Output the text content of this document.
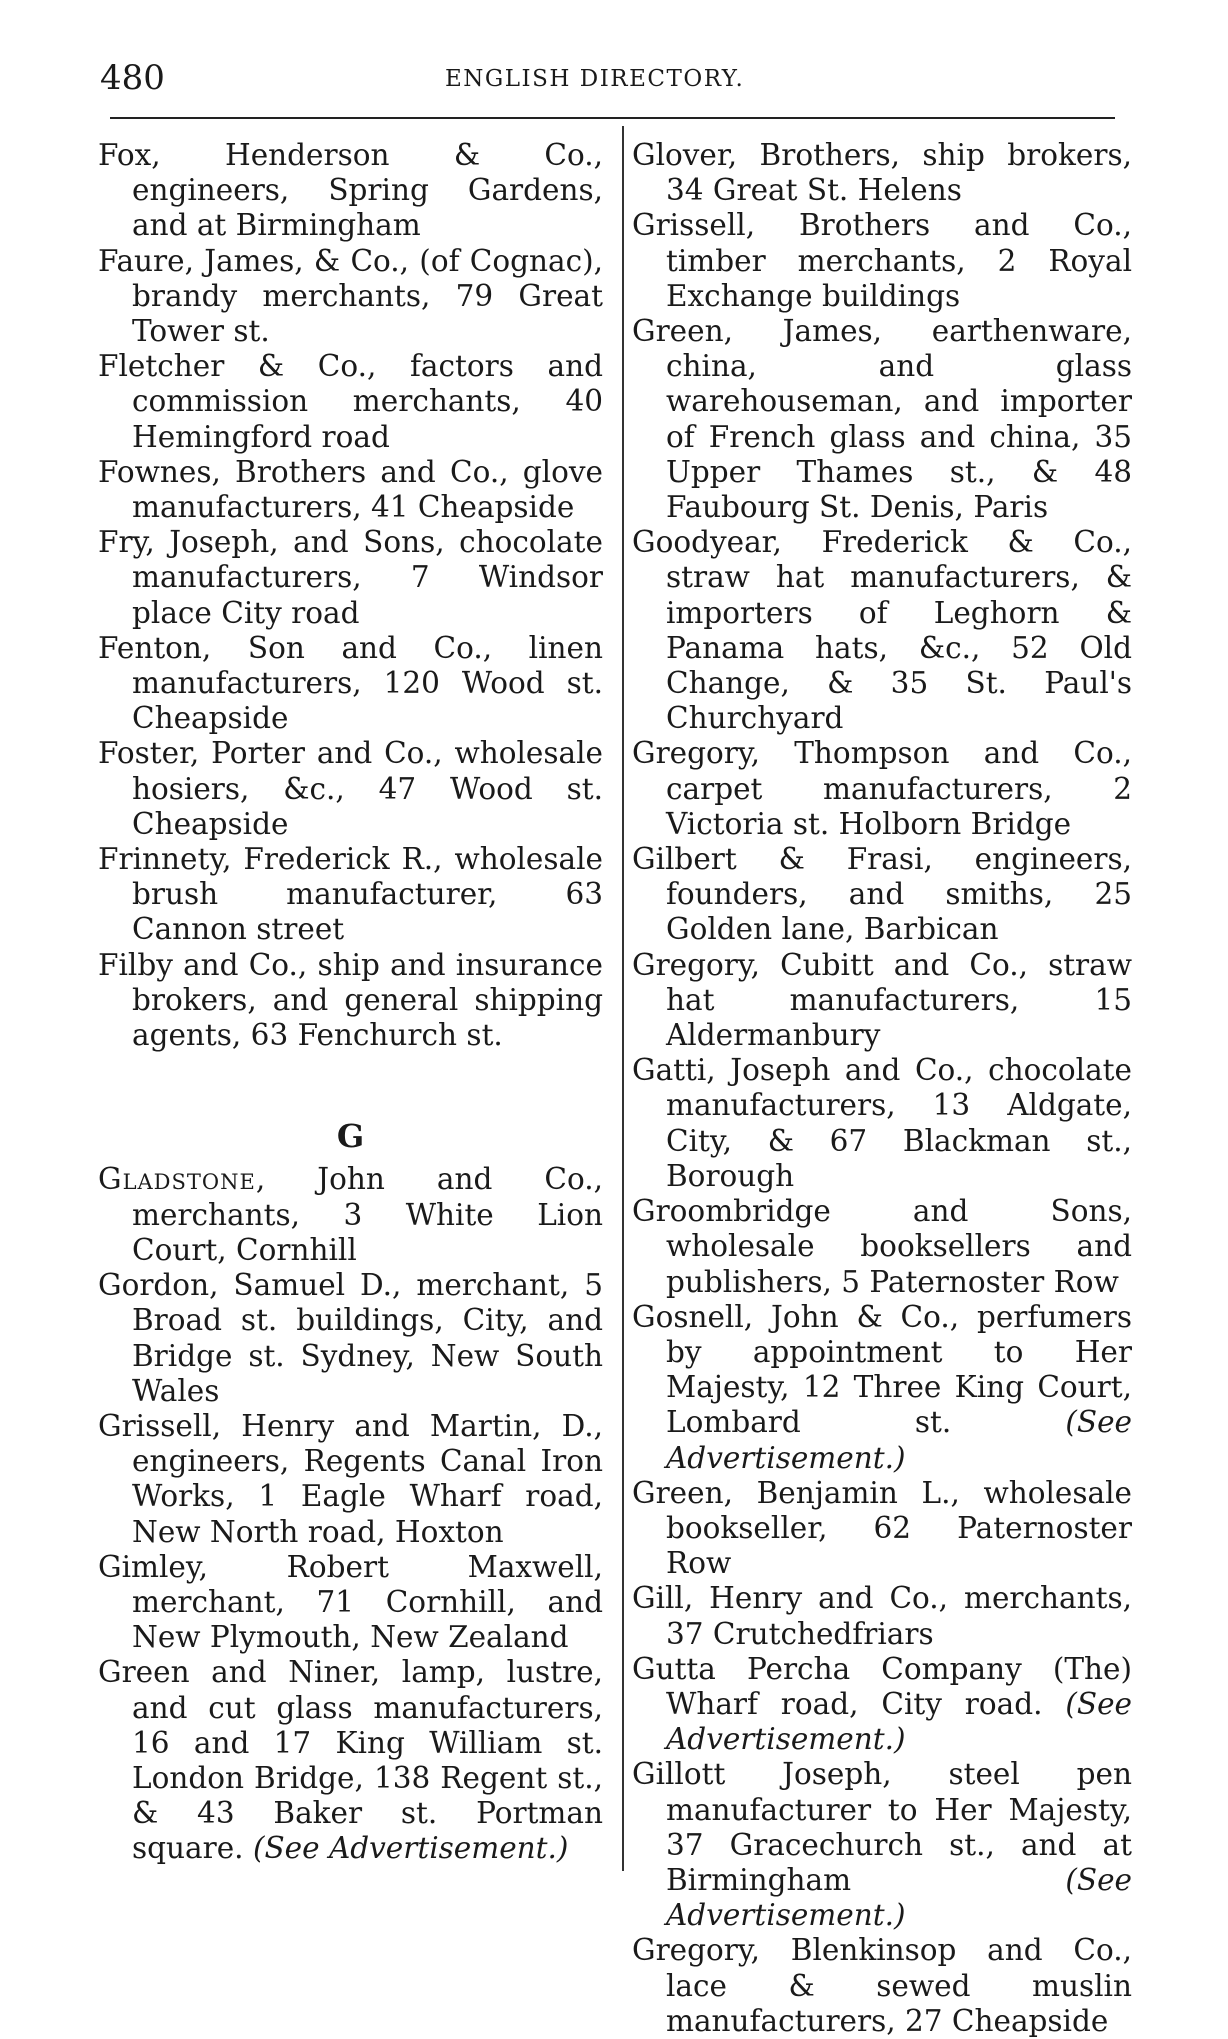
480	ENGLISH DIRECTORY.
Fox, Henderson & Co., engineers, Spring Gardens, and at Birmingham
Faure, James, & Co., (of Cognac), brandy merchants, 79 Great Tower st.
Fletcher & Co., factors and commission merchants, 40 Hemingford road
Fownes, Brothers and Co., glove manufacturers, 41 Cheapside
Fry, Joseph, and Sons, chocolate manufacturers, 7 Windsor place City road
Fenton, Son and Co., linen manufacturers, 120 Wood st. Cheapside
Foster, Porter and Co., wholesale hosiers, &c., 47 Wood st. Cheapside
Frinnety, Frederick R., wholesale brush manufacturer, 63 Cannon street
Filby and Co., ship and insurance brokers, and general shipping agents, 63 Fenchurch st.
G
Gladstone, John and Co., merchants, 3 White Lion Court, Cornhill
Gordon, Samuel D., merchant, 5 Broad st. buildings, City, and Bridge st. Sydney, New South Wales
Grissell, Henry and Martin, D., engineers, Regents Canal Iron Works, 1 Eagle Wharf road, New North road, Hoxton
Gimley, Robert Maxwell, merchant, 71 Cornhill, and New Plymouth, New Zealand
Green and Niner, lamp, lustre, and cut glass manufacturers, 16 and 17 King William st. London Bridge, 138 Regent st., & 43 Baker st. Portman square. (See Advertisement.)
Glover, Brothers, ship brokers, 34 Great St. Helens
Grissell, Brothers and Co., timber merchants, 2 Royal Exchange buildings
Green, James, earthenware, china, and glass warehouseman, and importer of French glass and china, 35 Upper Thames st., & 48 Faubourg St. Denis, Paris
Goodyear, Frederick & Co., straw hat manufacturers, & importers of Leghorn & Panama hats, &c., 52 Old Change, & 35 St. Paul's Churchyard
Gregory, Thompson and Co., carpet manufacturers, 2 Victoria st. Holborn Bridge
Gilbert & Frasi, engineers, founders, and smiths, 25 Golden lane, Barbican
Gregory, Cubitt and Co., straw hat manufacturers, 15 Aldermanbury
Gatti, Joseph and Co., chocolate manufacturers, 13 Aldgate, City, & 67 Blackman st., Borough
Groombridge and Sons, wholesale booksellers and publishers, 5 Paternoster Row
Gosnell, John & Co., perfumers by appointment to Her Majesty, 12 Three King Court, Lombard st. (See Advertisement.)
Green, Benjamin L., wholesale bookseller, 62 Paternoster Row
Gill, Henry and Co., merchants, 37 Crutchedfriars
Gutta Percha Company (The) Wharf road, City road. (See Advertisement.)
Gillott Joseph, steel pen manufacturer to Her Majesty, 37 Gracechurch st., and at Birmingham (See Advertisement.)
Gregory, Blenkinsop and Co., lace & sewed muslin manufacturers, 27 Cheapside
